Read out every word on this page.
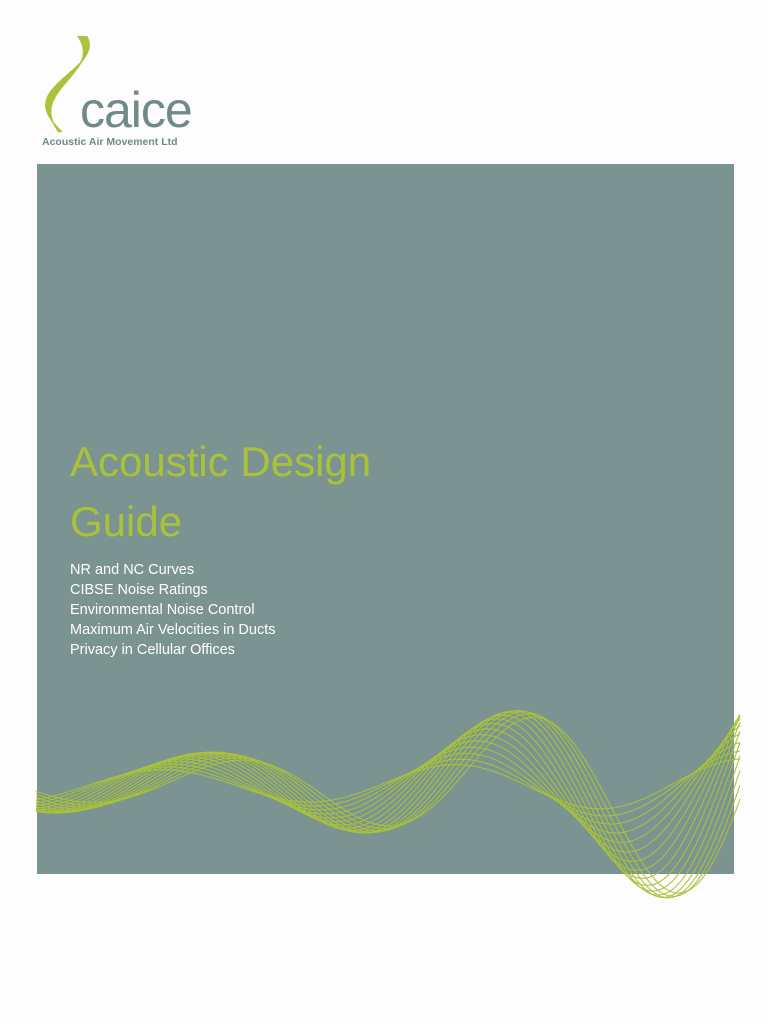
caice
Acoustic Air Movement Ltd
Acoustic Design
Guide
NR and NC Curves
CIBSE Noise Ratings
Environmental Noise Control
Maximum Air Velocities in Ducts
Privacy in Cellular Offices
